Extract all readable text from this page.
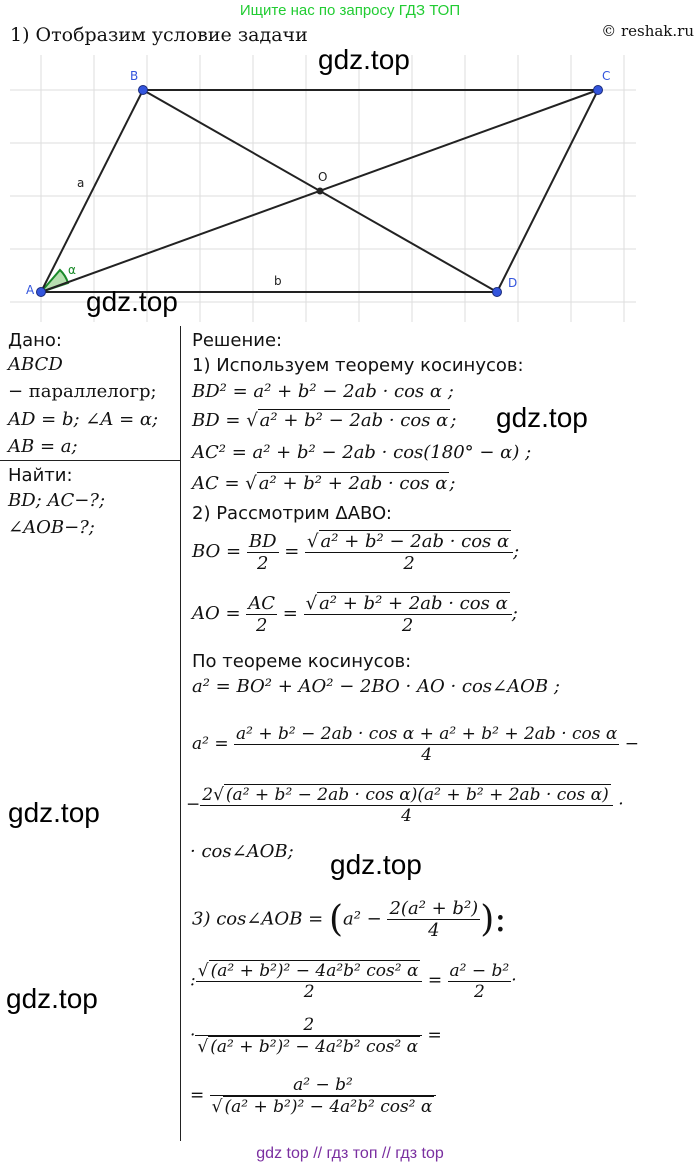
Ищите нас по запросу ГДЗ ТОП
© reshak.ru
1) Отобразим условие задачи
A
B	C
D
O
a
b
α
gdz.top
gdz.top
gdz.top
gdz.top
gdz.top
gdz.top
Дано:
ABCD
− параллелогр;
AD = b; ∠A = α;
AB = a;
Найти:
BD; AC−?;
∠AOB−?;
Решение:
1) Используем теорему косинусов:
BD² = a² + b² − 2ab · cos α ;
BD = √ a² + b² − 2ab · cos α ;
AC² = a² + b² − 2ab · cos(180° − α) ;
AC = √ a² + b² + 2ab · cos α ;
2) Рассмотрим ΔABO:
BO = $\frac{BD}{2} = \frac{\text{√ a² + b² − 2ab · cos α}}{2}$ ;
AO = $\frac{AC}{2} = \frac{\text{√ a² + b² + 2ab · cos α}}{2}$ ;
По теореме косинусов:
a² = BO² + AO² − 2BO · AO · cos∠AOB ;
$a^2 = \frac{\text{a² + b² − 2ab · cos α + a² + b² + 2ab · cos α}}{4}$ −
− $\frac{\text{2√ (a² + b² − 2ab · cos α)(a² + b² + 2ab · cos α)}}{4}$ ·
· cos∠AOB;
3) cos∠AOB = ($a^2 - \frac{\text{2(a² + b²)}}{4}$ ):
: $\frac{\text{√ (a² + b²)² − 4a²b² cos² α}}{2} = \frac{\text{a² − b²}}{2}$ ·
· $\frac{2}{\text{√ (a² + b²)² − 4a²b² cos² α}}$ =
= $\frac{\text{a² − b²}}{\text{√ (a² + b²)² − 4a²b² cos² α}}$
gdz top // гдз топ // гдз top
